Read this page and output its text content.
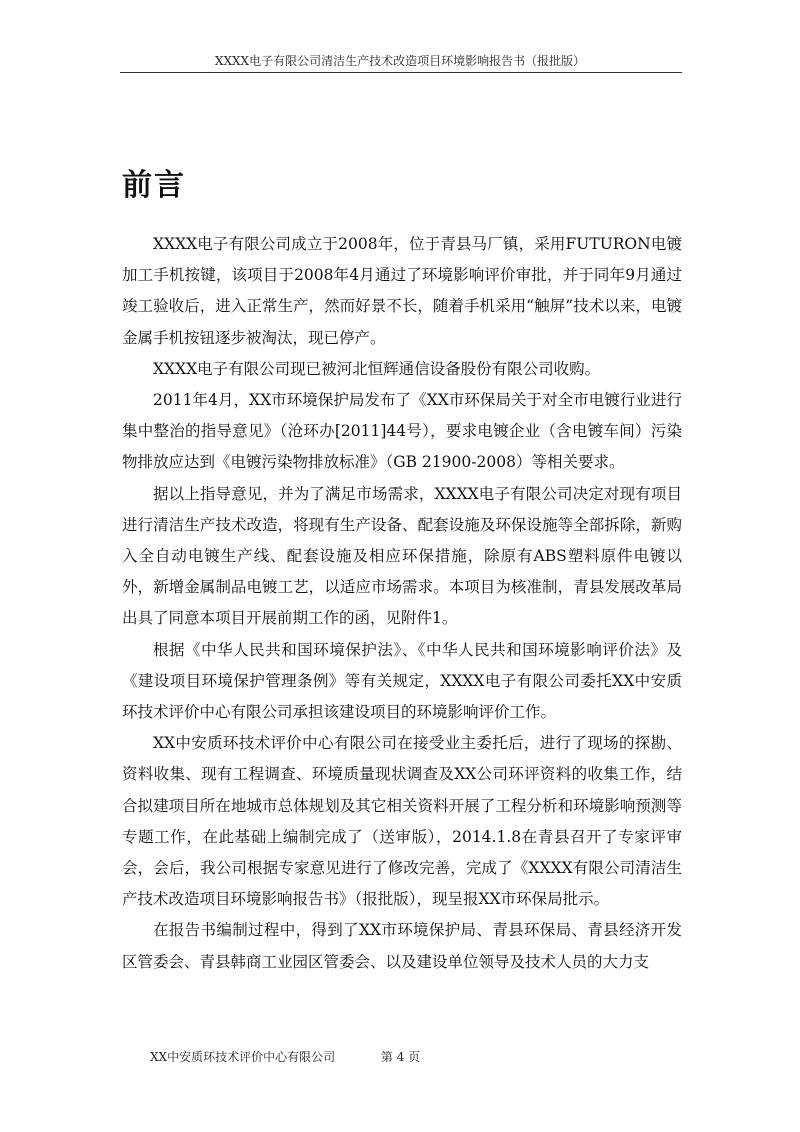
XXXX电子有限公司清洁生产技术改造项目环境影响报告书（报批版）
前言

XXXX电子有限公司成立于2008年，位于青县马厂镇，采用FUTURON电镀加工手机按键，该项目于2008年4月通过了环境影响评价审批，并于同年9月通过竣工验收后，进入正常生产，然而好景不长，随着手机采用“触屏”技术以来，电镀金属手机按钮逐步被淘汰，现已停产。

XXXX电子有限公司现已被河北恒辉通信设备股份有限公司收购。

2011年4月，XX市环境保护局发布了《XX市环保局关于对全市电镀行业进行集中整治的指导意见》（沧环办[2011]44号），要求电镀企业（含电镀车间）污染物排放应达到《电镀污染物排放标准》（GB 21900-2008）等相关要求。

据以上指导意见，并为了满足市场需求，XXXX电子有限公司决定对现有项目进行清洁生产技术改造，将现有生产设备、配套设施及环保设施等全部拆除，新购入全自动电镀生产线、配套设施及相应环保措施，除原有ABS塑料原件电镀以外，新增金属制品电镀工艺，以适应市场需求。本项目为核准制，青县发展改革局出具了同意本项目开展前期工作的函，见附件1。

根据《中华人民共和国环境保护法》、《中华人民共和国环境影响评价法》及《建设项目环境保护管理条例》等有关规定，XXXX电子有限公司委托XX中安质环技术评价中心有限公司承担该建设项目的环境影响评价工作。

XX中安质环技术评价中心有限公司在接受业主委托后，进行了现场的探勘、资料收集、现有工程调查、环境质量现状调查及XX公司环评资料的收集工作，结合拟建项目所在地城市总体规划及其它相关资料开展了工程分析和环境影响预测等专题工作，在此基础上编制完成了（送审版），2014.1.8在青县召开了专家评审会，会后，我公司根据专家意见进行了修改完善，完成了《XXXX有限公司清洁生产技术改造项目环境影响报告书》（报批版），现呈报XX市环保局批示。

在报告书编制过程中，得到了XX市环境保护局、青县环保局、青县经济开发区管委会、青县韩商工业园区管委会、以及建设单位领导及技术人员的大力支

XX中安质环技术评价中心有限公司	第 4 页
